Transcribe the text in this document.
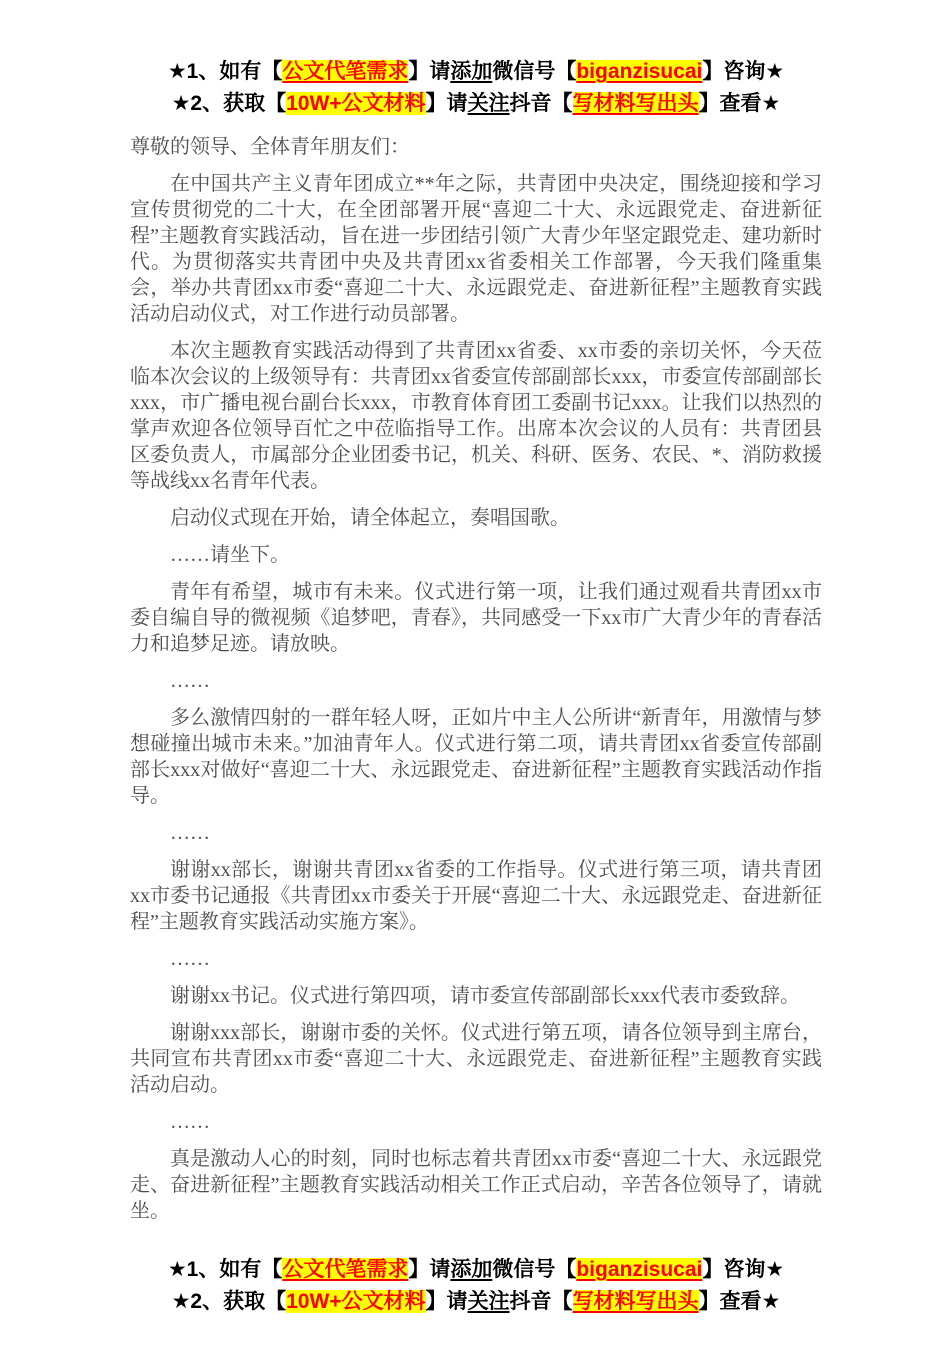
★1、如有【公文代笔需求】请添加微信号【biganzisucai】咨询★
★2、获取【10W+公文材料】请关注抖音【写材料写出头】查看★

尊敬的领导、全体青年朋友们：

在中国共产主义青年团成立**年之际，共青团中央决定，围绕迎接和学习宣传贯彻党的二十大，在全团部署开展“喜迎二十大、永远跟党走、奋进新征程”主题教育实践活动，旨在进一步团结引领广大青少年坚定跟党走、建功新时代。为贯彻落实共青团中央及共青团xx省委相关工作部署，今天我们隆重集会，举办共青团xx市委“喜迎二十大、永远跟党走、奋进新征程”主题教育实践活动启动仪式，对工作进行动员部署。

本次主题教育实践活动得到了共青团xx省委、xx市委的亲切关怀，今天莅临本次会议的上级领导有：共青团xx省委宣传部副部长xxx，市委宣传部副部长xxx，市广播电视台副台长xxx，市教育体育团工委副书记xxx。让我们以热烈的掌声欢迎各位领导百忙之中莅临指导工作。出席本次会议的人员有：共青团县区委负责人，市属部分企业团委书记，机关、科研、医务、农民、*、消防救援等战线xx名青年代表。

启动仪式现在开始，请全体起立，奏唱国歌。

……请坐下。

青年有希望，城市有未来。仪式进行第一项，让我们通过观看共青团xx市委自编自导的微视频《追梦吧，青春》，共同感受一下xx市广大青少年的青春活力和追梦足迹。请放映。

……

多么激情四射的一群年轻人呀，正如片中主人公所讲“新青年，用激情与梦想碰撞出城市未来。”加油青年人。仪式进行第二项，请共青团xx省委宣传部副部长xxx对做好“喜迎二十大、永远跟党走、奋进新征程”主题教育实践活动作指导。

……

谢谢xx部长，谢谢共青团xx省委的工作指导。仪式进行第三项，请共青团xx市委书记通报《共青团xx市委关于开展“喜迎二十大、永远跟党走、奋进新征程”主题教育实践活动实施方案》。

……

谢谢xx书记。仪式进行第四项，请市委宣传部副部长xxx代表市委致辞。

谢谢xxx部长，谢谢市委的关怀。仪式进行第五项，请各位领导到主席台，共同宣布共青团xx市委“喜迎二十大、永远跟党走、奋进新征程”主题教育实践活动启动。

……

真是激动人心的时刻，同时也标志着共青团xx市委“喜迎二十大、永远跟党走、奋进新征程”主题教育实践活动相关工作正式启动，辛苦各位领导了，请就坐。

★1、如有【公文代笔需求】请添加微信号【biganzisucai】咨询★
★2、获取【10W+公文材料】请关注抖音【写材料写出头】查看★
